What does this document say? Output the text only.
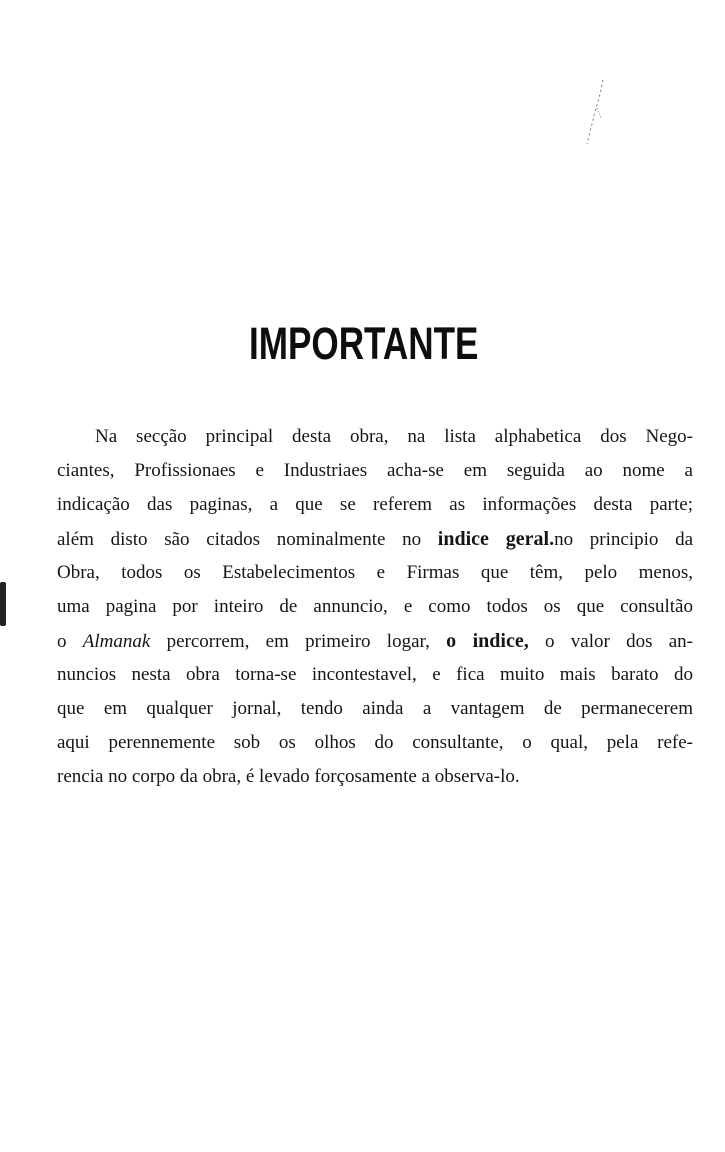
IMPORTANTE
Na secção principal desta obra, na lista alphabetica dos Nego-
ciantes, Profissionaes e Industriaes acha-se em seguida ao nome a
indicação das paginas, a que se referem as informações desta parte;
além disto são citados nominalmente no indice geral.no principio da
Obra, todos os Estabelecimentos e Firmas que têm, pelo menos,
uma pagina por inteiro de annuncio, e como todos os que consultão
o Almanak percorrem, em primeiro logar, o indice, o valor dos an-
nuncios nesta obra torna-se incontestavel, e fica muito mais barato do
que em qualquer jornal, tendo ainda a vantagem de permanecerem
aqui perennemente sob os olhos do consultante, o qual, pela refe-
rencia no corpo da obra, é levado forçosamente a observa-lo.
